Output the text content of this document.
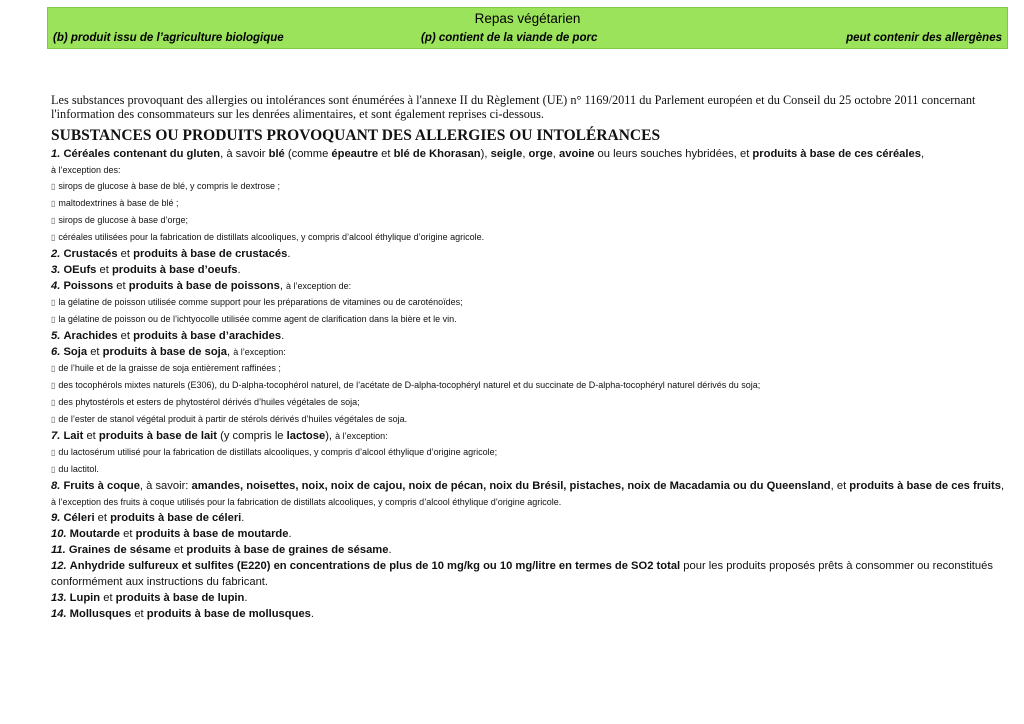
Repas végétarien
(b) produit issu de l’agriculture biologique	(p) contient de la viande de porc	peut contenir des allergènes
Les substances provoquant des allergies ou intolérances sont énumérées à l'annexe II du Règlement (UE) n° 1169/2011 du Parlement européen et du Conseil du 25 octobre 2011 concernant l'information des consommateurs sur les denrées alimentaires, et sont également reprises ci-dessous.
SUBSTANCES OU PRODUITS PROVOQUANT DES ALLERGIES OU INTOLÉRANCES
1. Céréales contenant du gluten, à savoir blé (comme épeautre et blé de Khorasan), seigle, orge, avoine ou leurs souches hybridées, et produits à base de ces céréales,
à l’exception des:
▯ sirops de glucose à base de blé, y compris le dextrose ;
▯ maltodextrines à base de blé ;
▯ sirops de glucose à base d’orge;
▯ céréales utilisées pour la fabrication de distillats alcooliques, y compris d’alcool éthylique d’origine agricole.
2. Crustacés et produits à base de crustacés.
3. OEufs et produits à base d’oeufs.
4. Poissons et produits à base de poissons, à l’exception de:
▯ la gélatine de poisson utilisée comme support pour les préparations de vitamines ou de caroténoïdes;
▯ la gélatine de poisson ou de l’ichtyocolle utilisée comme agent de clarification dans la bière et le vin.
5. Arachides et produits à base d’arachides.
6. Soja et produits à base de soja, à l’exception:
▯ de l’huile et de la graisse de soja entièrement raffinées ;
▯ des tocophérols mixtes naturels (E306), du D-alpha-tocophérol naturel, de l’acétate de D-alpha-tocophéryl naturel et du succinate de D-alpha-tocophéryl naturel dérivés du soja;
▯ des phytostérols et esters de phytostérol dérivés d’huiles végétales de soja;
▯ de l’ester de stanol végétal produit à partir de stérols dérivés d’huiles végétales de soja.
7. Lait et produits à base de lait (y compris le lactose), à l’exception:
▯ du lactosérum utilisé pour la fabrication de distillats alcooliques, y compris d’alcool éthylique d’origine agricole;
▯ du lactitol.
8. Fruits à coque, à savoir: amandes, noisettes, noix, noix de cajou, noix de pécan, noix du Brésil, pistaches, noix de Macadamia ou du Queensland, et produits à base de ces fruits, à l’exception des fruits à coque utilisés pour la fabrication de distillats alcooliques, y compris d’alcool éthylique d’origine agricole.
9. Céleri et produits à base de céleri.
10. Moutarde et produits à base de moutarde.
11. Graines de sésame et produits à base de graines de sésame.
12. Anhydride sulfureux et sulfites (E220) en concentrations de plus de 10 mg/kg ou 10 mg/litre en termes de SO2 total pour les produits proposés prêts à consommer ou reconstitués conformément aux instructions du fabricant.
13. Lupin et produits à base de lupin.
14. Mollusques et produits à base de mollusques.
